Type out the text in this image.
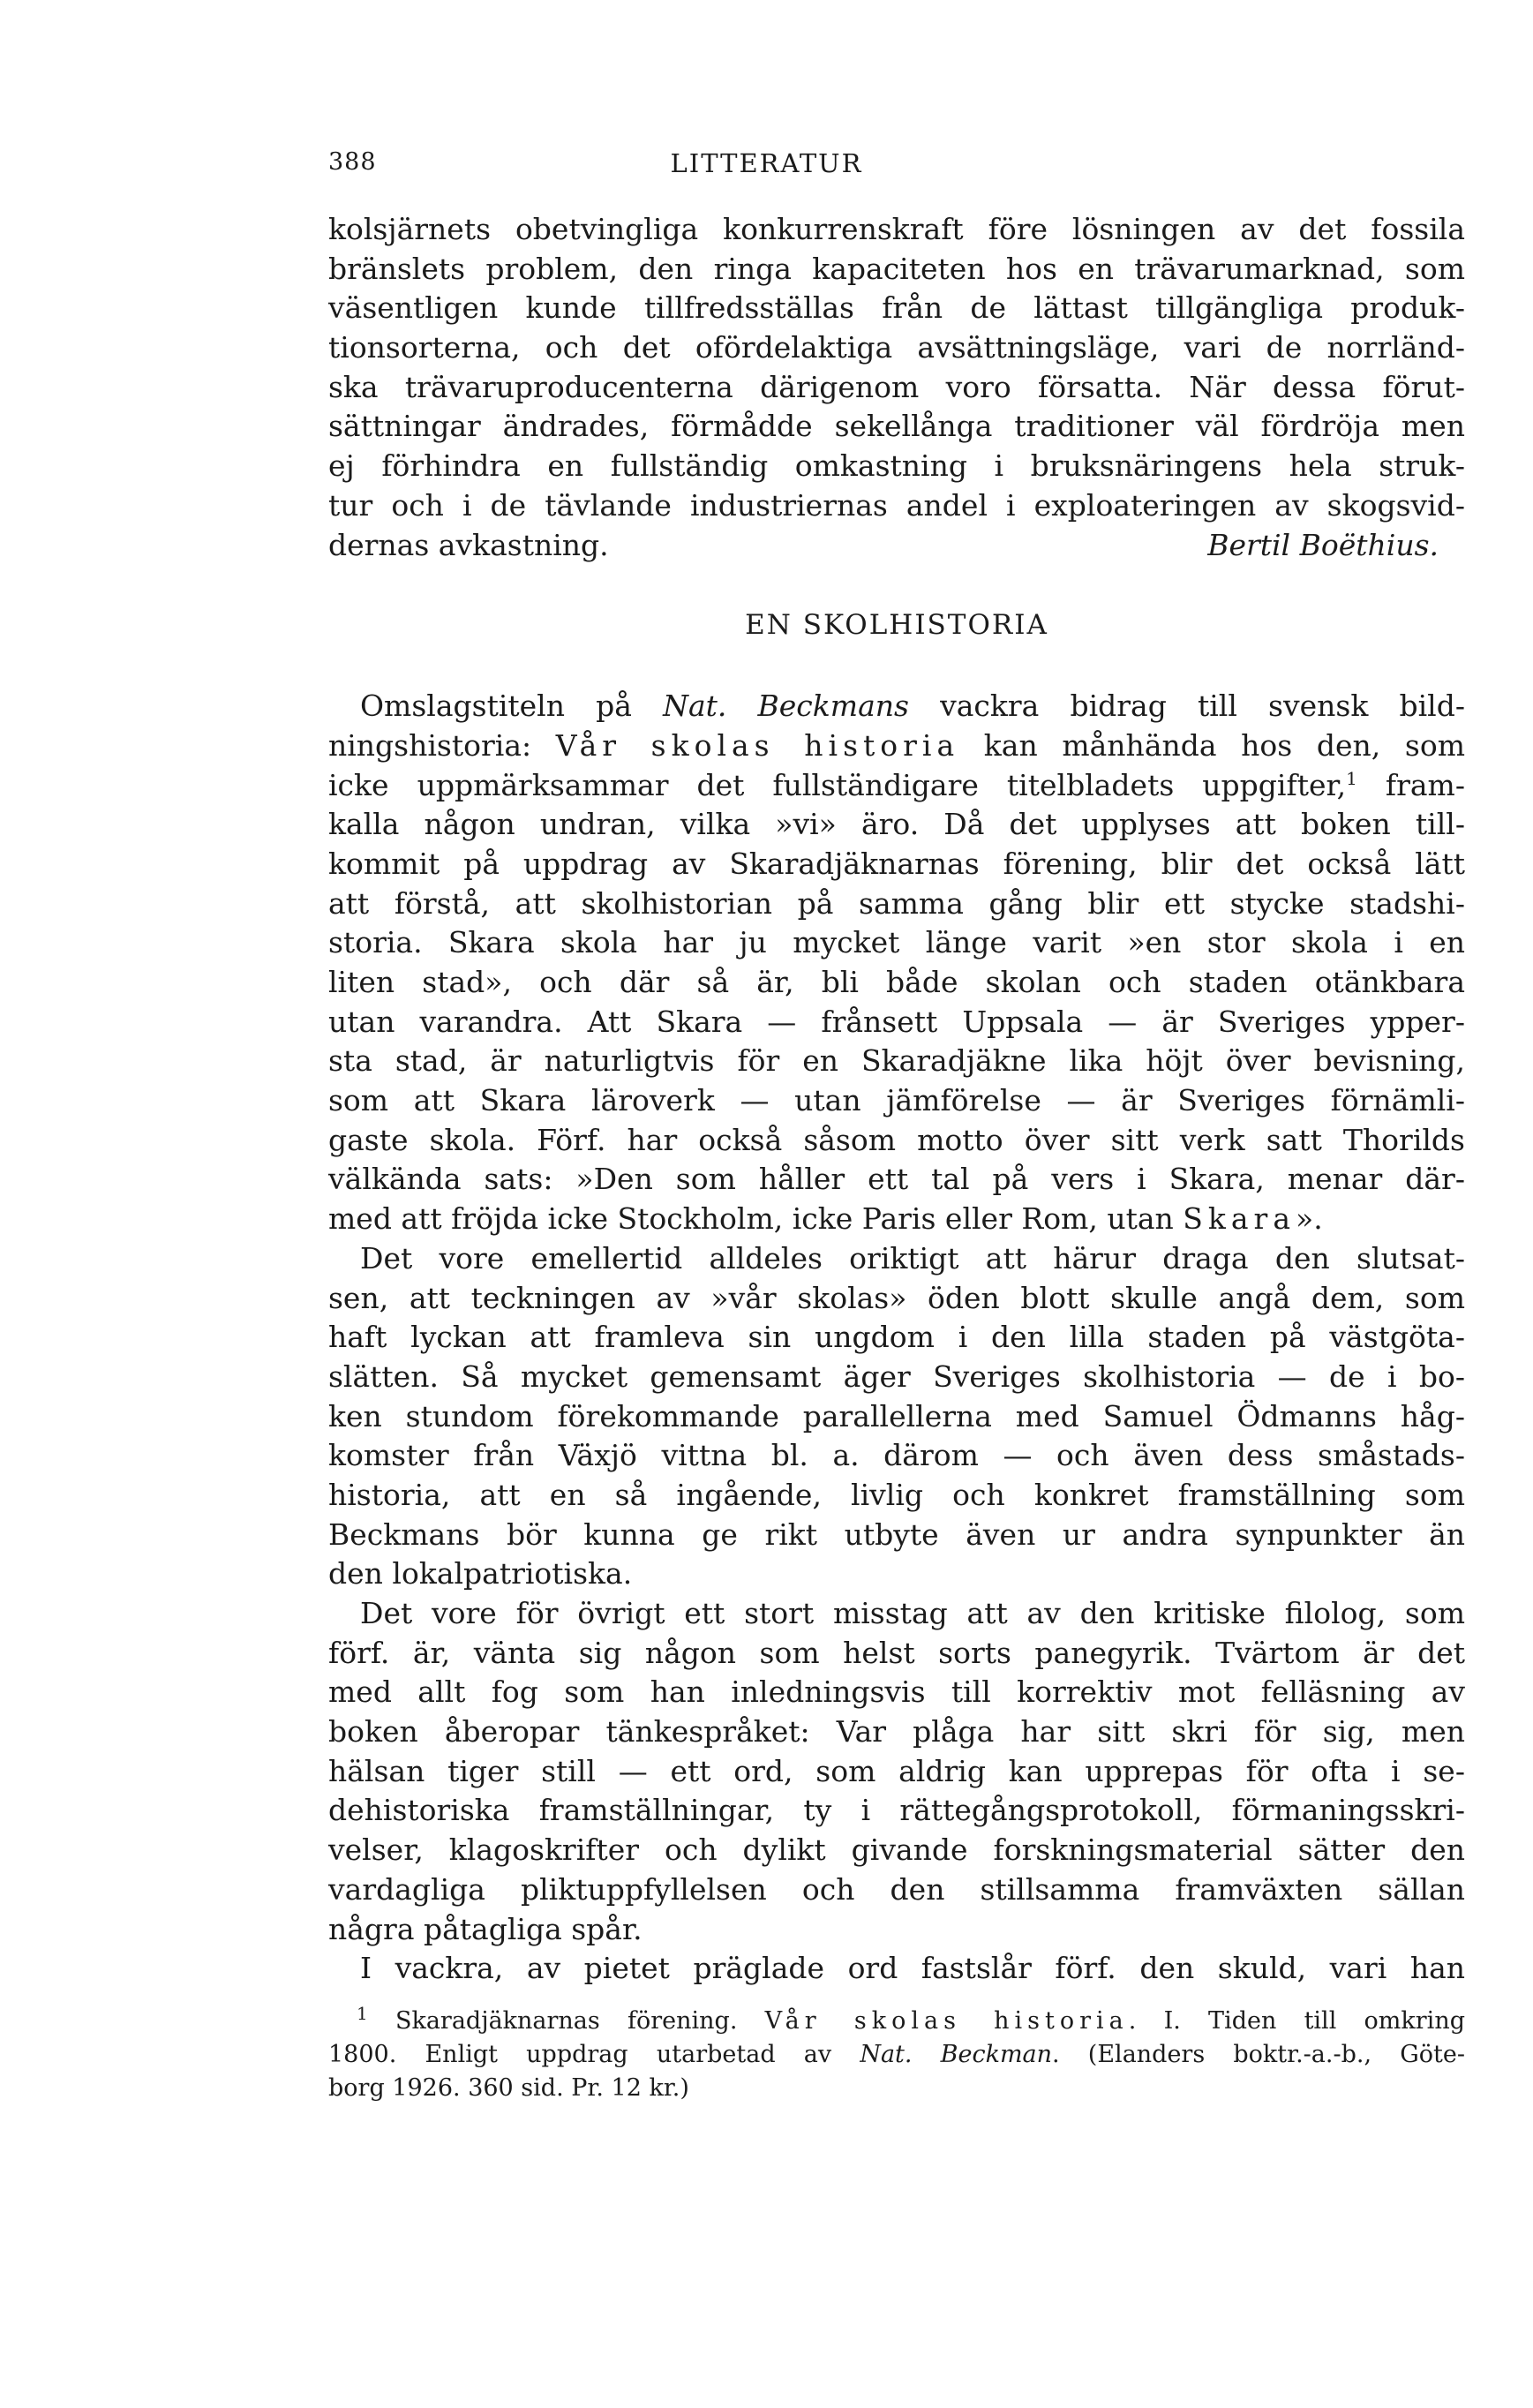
388	LITTERATUR
kolsjärnets obetvingliga konkurrenskraft före lösningen av det fossila
bränslets problem, den ringa kapaciteten hos en trävarumarknad, som
väsentligen kunde tillfredsställas från de lättast tillgängliga produk-
tionsorterna, och det ofördelaktiga avsättningsläge, vari de norrländ-
ska trävaruproducenterna därigenom voro försatta. När dessa förut-
sättningar ändrades, förmådde sekellånga traditioner väl fördröja men
ej förhindra en fullständig omkastning i bruksnäringens hela struk-
tur och i de tävlande industriernas andel i exploateringen av skogsvid-
dernas avkastning.	Bertil Boëthius.
EN SKOLHISTORIA
Omslagstiteln på Nat. Beckmans vackra bidrag till svensk bild-
ningshistoria: Vår skolas historia kan månhända hos den, som
icke uppmärksammar det fullständigare titelbladets uppgifter,$^1$ fram-
kalla någon undran, vilka »vi» äro. Då det upplyses att boken till-
kommit på uppdrag av Skaradjäknarnas förening, blir det också lätt
att förstå, att skolhistorian på samma gång blir ett stycke stadshi-
storia. Skara skola har ju mycket länge varit »en stor skola i en
liten stad», och där så är, bli både skolan och staden otänkbara
utan varandra. Att Skara — frånsett Uppsala — är Sveriges ypper-
sta stad, är naturligtvis för en Skaradjäkne lika höjt över bevisning,
som att Skara läroverk — utan jämförelse — är Sveriges förnämli-
gaste skola. Förf. har också såsom motto över sitt verk satt Thorilds
välkända sats: »Den som håller ett tal på vers i Skara, menar där-
med att fröjda icke Stockholm, icke Paris eller Rom, utan Skara».
Det vore emellertid alldeles oriktigt att härur draga den slutsat-
sen, att teckningen av »vår skolas» öden blott skulle angå dem, som
haft lyckan att framleva sin ungdom i den lilla staden på västgöta-
slätten. Så mycket gemensamt äger Sveriges skolhistoria — de i bo-
ken stundom förekommande parallellerna med Samuel Ödmanns håg-
komster från Växjö vittna bl. a. därom — och även dess småstads-
historia, att en så ingående, livlig och konkret framställning som
Beckmans bör kunna ge rikt utbyte även ur andra synpunkter än
den lokalpatriotiska.
Det vore för övrigt ett stort misstag att av den kritiske filolog, som
förf. är, vänta sig någon som helst sorts panegyrik. Tvärtom är det
med allt fog som han inledningsvis till korrektiv mot felläsning av
boken åberopar tänkespråket: Var plåga har sitt skri för sig, men
hälsan tiger still — ett ord, som aldrig kan upprepas för ofta i se-
dehistoriska framställningar, ty i rättegångsprotokoll, förmaningsskri-
velser, klagoskrifter och dylikt givande forskningsmaterial sätter den
vardagliga pliktuppfyllelsen och den stillsamma framväxten sällan
några påtagliga spår.
I vackra, av pietet präglade ord fastslår förf. den skuld, vari han
$^1$ Skaradjäknarnas förening. Vår skolas historia. I. Tiden till omkring
1800. Enligt uppdrag utarbetad av Nat. Beckman. (Elanders boktr.-a.-b., Göte-
borg 1926. 360 sid. Pr. 12 kr.)
